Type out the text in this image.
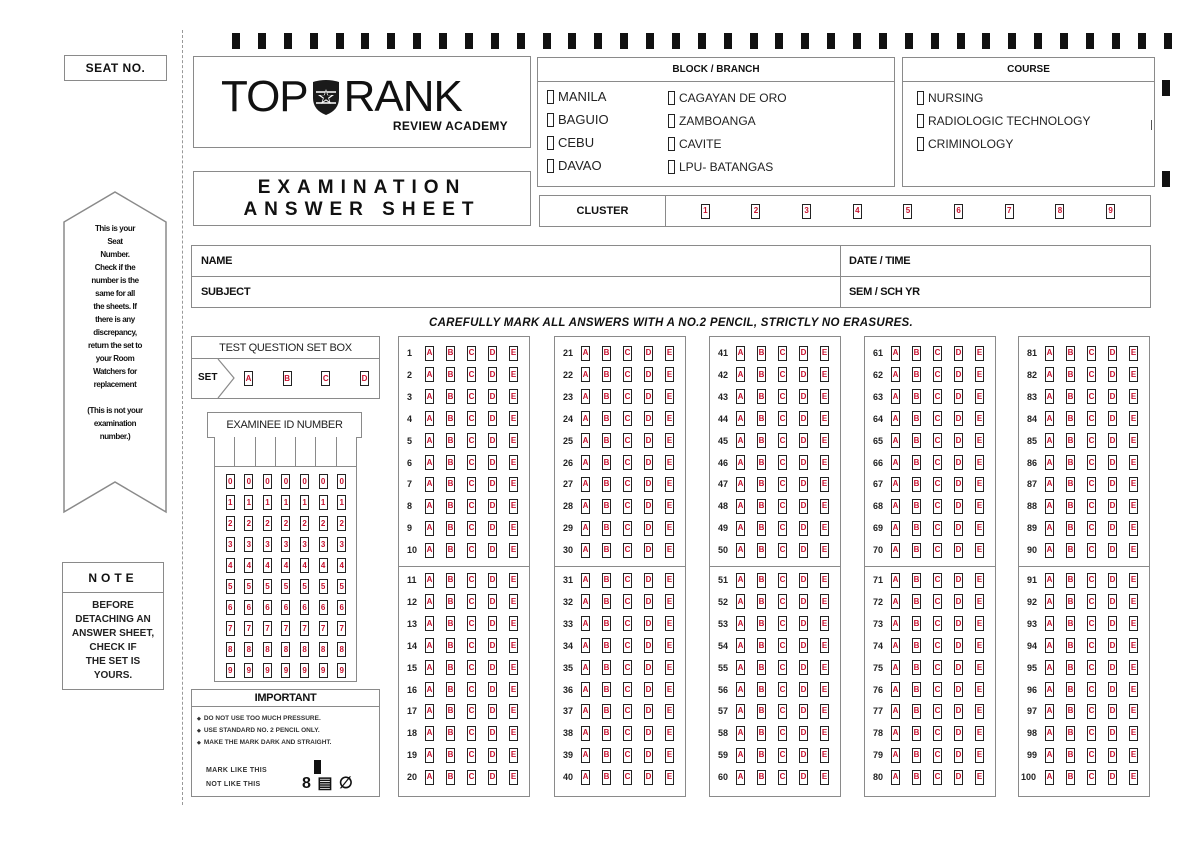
SEAT NO.
This is your
Seat
Number.
Check if the
number is the
same for all
the sheets. If
there is any
discrepancy,
return the set to
your Room
Watchers for
replacement

(This is not your
examination
number.)
NOTE
BEFORE
DETACHING AN
ANSWER SHEET,
CHECK IF
THE SET IS
YOURS.
TOP RANK
REVIEW ACADEMY
EXAMINATION
ANSWER SHEET
BLOCK / BRANCH
MANILA
BAGUIO
CEBU
DAVAO
CAGAYAN DE ORO
ZAMBOANGA
CAVITE
LPU- BATANGAS
COURSE
NURSING
RADIOLOGIC TECHNOLOGY
CRIMINOLOGY
CLUSTER	1	2	3	4	5	6	7	8	9
NAME	DATE / TIME
SUBJECT	SEM / SCH YR
CAREFULLY MARK ALL ANSWERS WITH A NO.2 PENCIL, STRICTLY NO ERASURES.
TEST QUESTION SET BOX
SET	A	B	C	D
EXAMINEE ID NUMBER
0 0 0 0 0 0 0
1 1 1 1 1 1 1
2 2 2 2 2 2 2
3 3 3 3 3 3 3
4 4 4 4 4 4 4
5 5 5 5 5 5 5
6 6 6 6 6 6 6
7 7 7 7 7 7 7
8 8 8 8 8 8 8
9 9 9 9 9 9 9
IMPORTANT
◆ DO NOT USE TOO MUCH PRESSURE.
◆ USE STANDARD NO. 2 PENCIL ONLY.
◆ MAKE THE MARK DARK AND STRAIGHT.
MARK LIKE THIS
NOT LIKE THIS	8 ▤ ∅
1	A B C D E
2	A B C D E
3	A B C D E
4	A B C D E
5	A B C D E
6	A B C D E
7	A B C D E
8	A B C D E
9	A B C D E
10	A B C D E
11	A B C D E
12	A B C D E
13	A B C D E
14	A B C D E
15	A B C D E
16	A B C D E
17	A B C D E
18	A B C D E
19	A B C D E
20	A B C D E
21	A B C D E
22	A B C D E
23	A B C D E
24	A B C D E
25	A B C D E
26	A B C D E
27	A B C D E
28	A B C D E
29	A B C D E
30	A B C D E
31	A B C D E
32	A B C D E
33	A B C D E
34	A B C D E
35	A B C D E
36	A B C D E
37	A B C D E
38	A B C D E
39	A B C D E
40	A B C D E
41	A B C D E
42	A B C D E
43	A B C D E
44	A B C D E
45	A B C D E
46	A B C D E
47	A B C D E
48	A B C D E
49	A B C D E
50	A B C D E
51	A B C D E
52	A B C D E
53	A B C D E
54	A B C D E
55	A B C D E
56	A B C D E
57	A B C D E
58	A B C D E
59	A B C D E
60	A B C D E
61	A B C D E
62	A B C D E
63	A B C D E
64	A B C D E
65	A B C D E
66	A B C D E
67	A B C D E
68	A B C D E
69	A B C D E
70	A B C D E
71	A B C D E
72	A B C D E
73	A B C D E
74	A B C D E
75	A B C D E
76	A B C D E
77	A B C D E
78	A B C D E
79	A B C D E
80	A B C D E
81	A B C D E
82	A B C D E
83	A B C D E
84	A B C D E
85	A B C D E
86	A B C D E
87	A B C D E
88	A B C D E
89	A B C D E
90	A B C D E
91	A B C D E
92	A B C D E
93	A B C D E
94	A B C D E
95	A B C D E
96	A B C D E
97	A B C D E
98	A B C D E
99	A B C D E
100	A B C D E
